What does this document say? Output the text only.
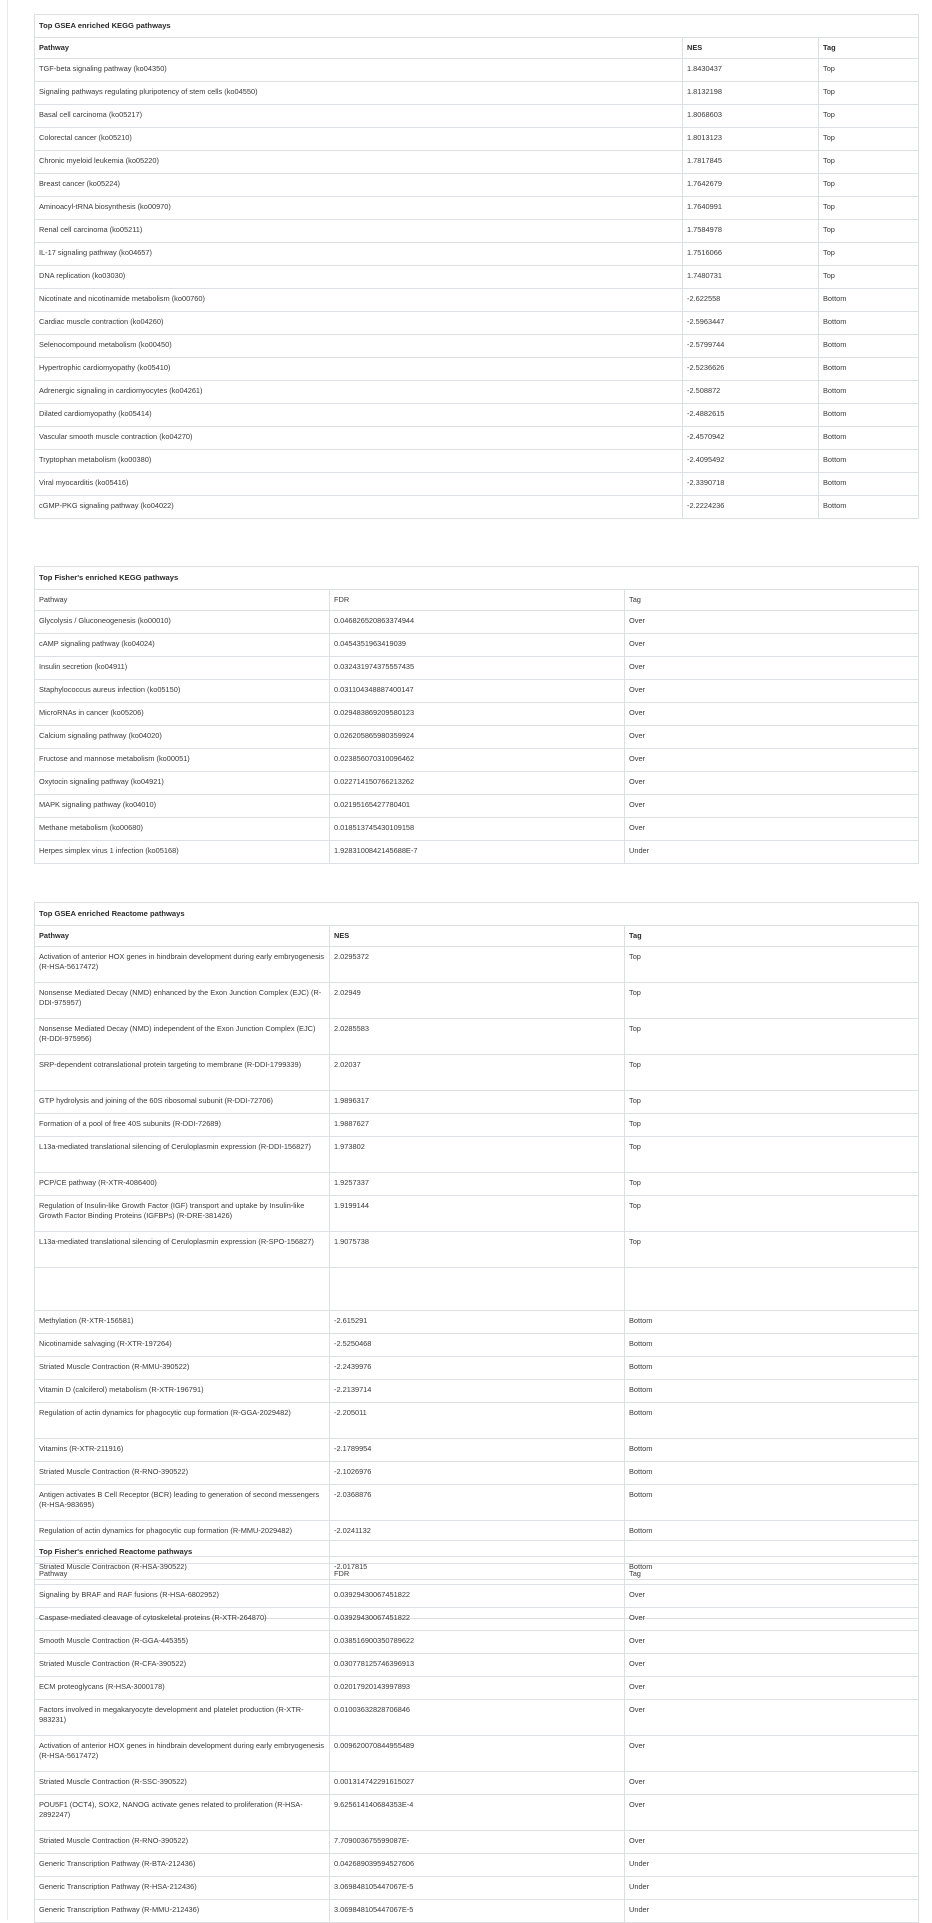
Top GSEA enriched KEGG pathways
Pathway	NES	Tag
TGF-beta signaling pathway (ko04350)	1.8430437	Top
Signaling pathways regulating pluripotency of stem cells (ko04550)	1.8132198	Top
Basal cell carcinoma (ko05217)	1.8068603	Top
Colorectal cancer (ko05210)	1.8013123	Top
Chronic myeloid leukemia (ko05220)	1.7817845	Top
Breast cancer (ko05224)	1.7642679	Top
Aminoacyl-tRNA biosynthesis (ko00970)	1.7640991	Top
Renal cell carcinoma (ko05211)	1.7584978	Top
IL-17 signaling pathway (ko04657)	1.7516066	Top
DNA replication (ko03030)	1.7480731	Top
Nicotinate and nicotinamide metabolism (ko00760)	-2.622558	Bottom
Cardiac muscle contraction (ko04260)	-2.5963447	Bottom
Selenocompound metabolism (ko00450)	-2.5799744	Bottom
Hypertrophic cardiomyopathy (ko05410)	-2.5236626	Bottom
Adrenergic signaling in cardiomyocytes (ko04261)	-2.508872	Bottom
Dilated cardiomyopathy (ko05414)	-2.4882615	Bottom
Vascular smooth muscle contraction (ko04270)	-2.4570942	Bottom
Tryptophan metabolism (ko00380)	-2.4095492	Bottom
Viral myocarditis (ko05416)	-2.3390718	Bottom
cGMP-PKG signaling pathway (ko04022)	-2.2224236	Bottom
Top Fisher's enriched KEGG pathways
Pathway	FDR	Tag
Glycolysis / Gluconeogenesis (ko00010)	0.046826520863374944	Over
cAMP signaling pathway (ko04024)	0.0454351963419039	Over
Insulin secretion (ko04911)	0.032431974375557435	Over
Staphylococcus aureus infection (ko05150)	0.031104348887400147	Over
MicroRNAs in cancer (ko05206)	0.029483869209580123	Over
Calcium signaling pathway (ko04020)	0.026205865980359924	Over
Fructose and mannose metabolism (ko00051)	0.023856070310096462	Over
Oxytocin signaling pathway (ko04921)	0.022714150766213262	Over
MAPK signaling pathway (ko04010)	0.02195165427780401	Over
Methane metabolism (ko00680)	0.018513745430109158	Over
Herpes simplex virus 1 infection (ko05168)	1.9283100842145688E-7	Under
Top GSEA enriched Reactome pathways
Pathway	NES	Tag
Activation of anterior HOX genes in hindbrain development during early embryogenesis (R-HSA-5617472)	2.0295372	Top
Nonsense Mediated Decay (NMD) enhanced by the Exon Junction Complex (EJC) (R-DDI-975957)	2.02949	Top
Nonsense Mediated Decay (NMD) independent of the Exon Junction Complex (EJC) (R-DDI-975956)	2.0285583	Top
SRP-dependent cotranslational protein targeting to membrane (R-DDI-1799339)	2.02037	Top
GTP hydrolysis and joining of the 60S ribosomal subunit (R-DDI-72706)	1.9896317	Top
Formation of a pool of free 40S subunits (R-DDI-72689)	1.9887627	Top
L13a-mediated translational silencing of Ceruloplasmin expression (R-DDI-156827)	1.973802	Top
PCP/CE pathway (R-XTR-4086400)	1.9257337	Top
Regulation of Insulin-like Growth Factor (IGF) transport and uptake by Insulin-like Growth Factor Binding Proteins (IGFBPs) (R-DRE-381426)	1.9199144	Top
L13a-mediated translational silencing of Ceruloplasmin expression (R-SPO-156827)	1.9075738	Top

Methylation (R-XTR-156581)	-2.615291	Bottom
Nicotinamide salvaging (R-XTR-197264)	-2.5250468	Bottom
Striated Muscle Contraction (R-MMU-390522)	-2.2439976	Bottom
Vitamin D (calciferol) metabolism (R-XTR-196791)	-2.2139714	Bottom
Regulation of actin dynamics for phagocytic cup formation (R-GGA-2029482)	-2.205011	Bottom
Vitamins (R-XTR-211916)	-2.1789954	Bottom
Striated Muscle Contraction (R-RNO-390522)	-2.1026976	Bottom
Antigen activates B Cell Receptor (BCR) leading to generation of second messengers (R-HSA-983695)	-2.0368876	Bottom
Regulation of actin dynamics for phagocytic cup formation (R-MMU-2029482)	-2.0241132	Bottom
Striated Muscle Contraction (R-HSA-390522)	-2.017815	Bottom

Top Fisher's enriched Reactome pathways
Pathway	FDR	Tag
Signaling by BRAF and RAF fusions (R-HSA-6802952)	0.03929430067451822	Over
Caspase-mediated cleavage of cytoskeletal proteins (R-XTR-264870)	0.03929430067451822	Over
Smooth Muscle Contraction (R-GGA-445355)	0.038516900350789622	Over
Striated Muscle Contraction (R-CFA-390522)	0.030778125746396913	Over
ECM proteoglycans (R-HSA-3000178)	0.02017920143997893	Over
Factors involved in megakaryocyte development and platelet production (R-XTR-983231)	0.01003632828706846	Over
Activation of anterior HOX genes in hindbrain development during early embryogenesis (R-HSA-5617472)	0.009620070844955489	Over
Striated Muscle Contraction (R-SSC-390522)	0.001314742291615027	Over
POU5F1 (OCT4), SOX2, NANOG activate genes related to proliferation (R-HSA-2892247)	9.625614140684353E-4	Over
Striated Muscle Contraction (R-RNO-390522)	7.709003675599087E-	Over
Generic Transcription Pathway (R-BTA-212436)	0.042689039594527606	Under
Generic Transcription Pathway (R-HSA-212436)	3.069848105447067E-5	Under
Generic Transcription Pathway (R-MMU-212436)	3.069848105447067E-5	Under
